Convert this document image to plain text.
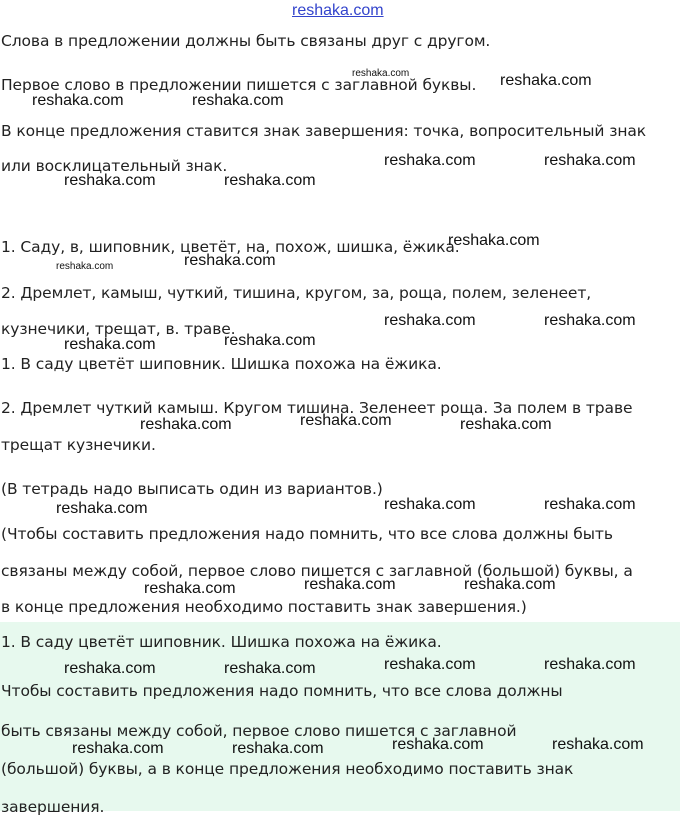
reshaka.com

Слова в предложении должны быть связаны друг с другом.

Первое слово в предложении пишется с заглавной буквы.

В конце предложения ставится знак завершения: точка, вопросительный знак

или восклицательный знак.

1. Саду, в, шиповник, цветёт, на, похож, шишка, ёжика.

2. Дремлет, камыш, чуткий, тишина, кругом, за, роща, полем, зеленеет,

кузнечики, трещат, в. траве.

1. В саду цветёт шиповник. Шишка похожа на ёжика.

2. Дремлет чуткий камыш. Кругом тишина. Зеленеет роща. За полем в траве

трещат кузнечики.

(В тетрадь надо выписать один из вариантов.)

(Чтобы составить предложения надо помнить, что все слова должны быть

связаны между собой, первое слово пишется с заглавной (большой) буквы, а

в конце предложения необходимо поставить знак завершения.)

1. В саду цветёт шиповник. Шишка похожа на ёжика.

Чтобы составить предложения надо помнить, что все слова должны

быть связаны между собой, первое слово пишется с заглавной

(большой) буквы, а в конце предложения необходимо поставить знак

завершения.

reshaka.com	reshaka.com
reshaka.com	reshaka.com
reshaka.com	reshaka.com
reshaka.com	reshaka.com
reshaka.com
reshaka.com	reshaka.com
reshaka.com	reshaka.com
reshaka.com	reshaka.com
reshaka.com	reshaka.com	reshaka.com
reshaka.com	reshaka.com	reshaka.com
reshaka.com	reshaka.com	reshaka.com
reshaka.com	reshaka.com	reshaka.com	reshaka.com
reshaka.com	reshaka.com	reshaka.com	reshaka.com
